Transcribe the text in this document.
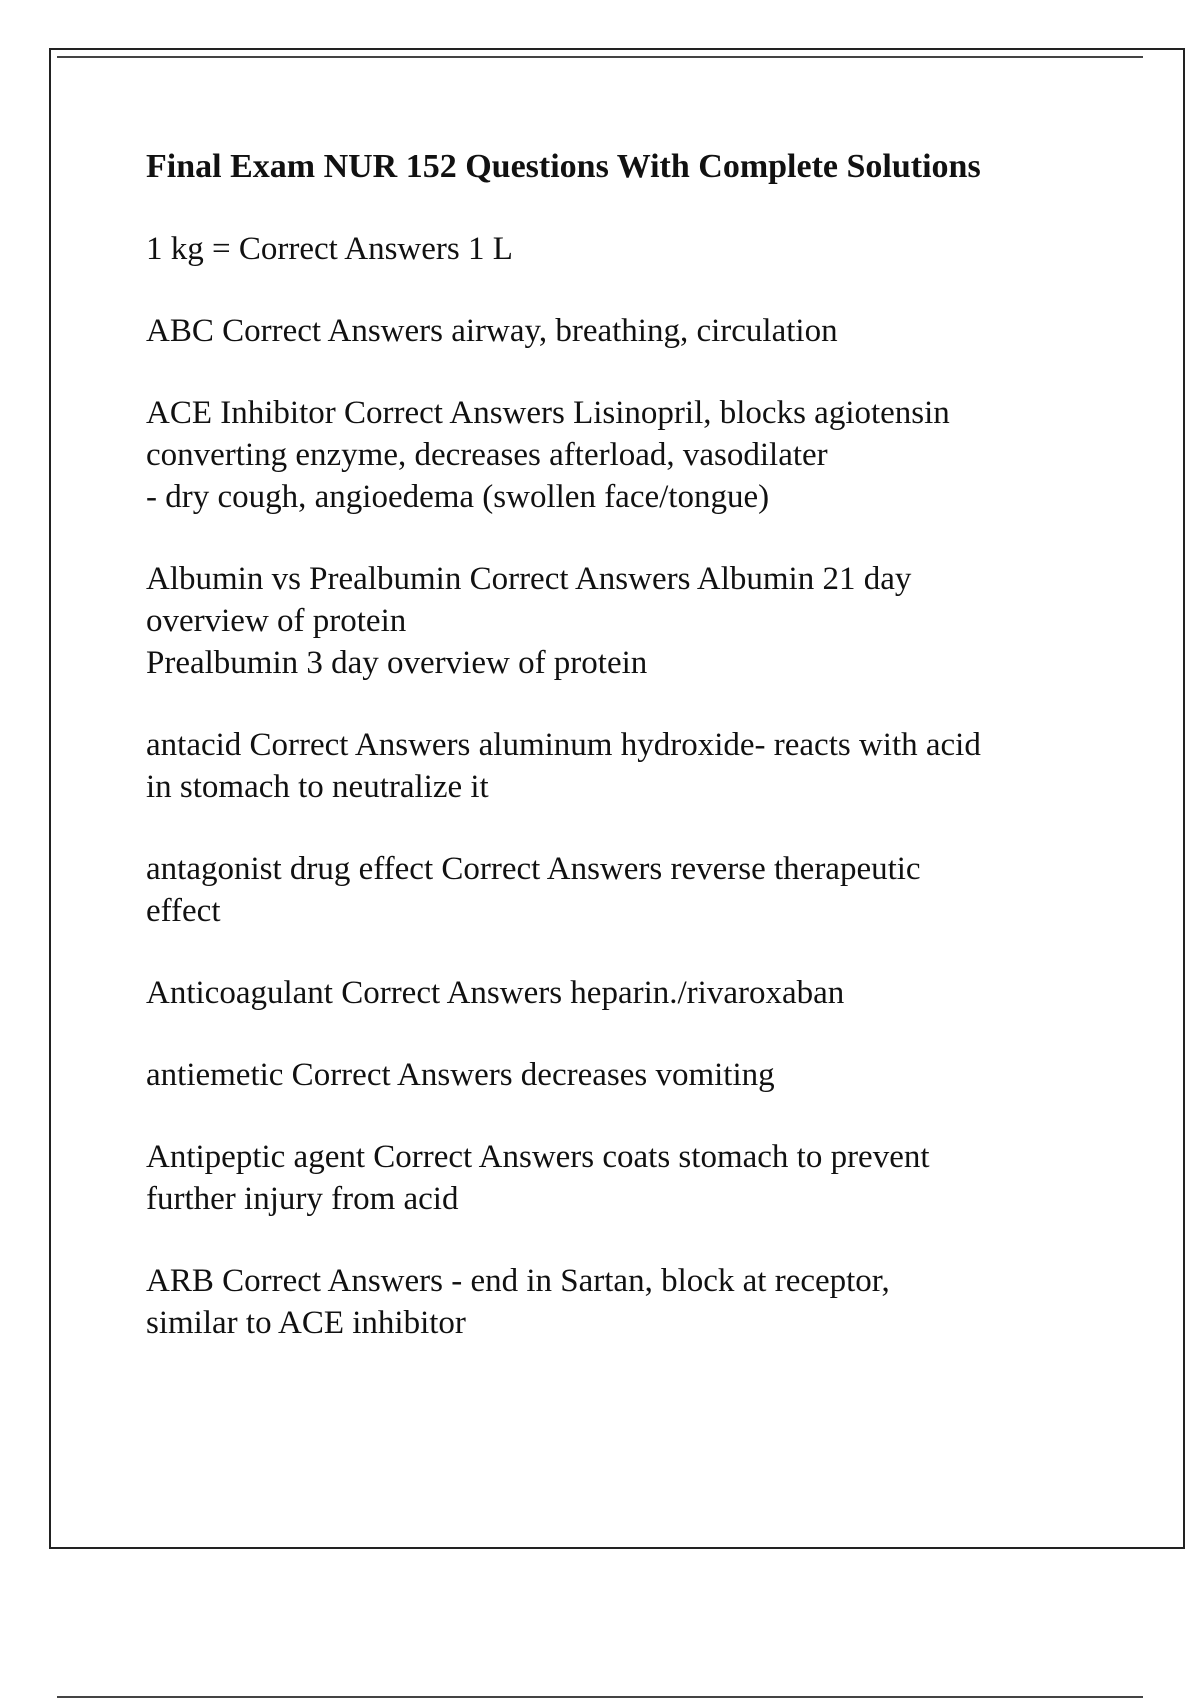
Final Exam NUR 152 Questions With Complete Solutions

1 kg = Correct Answers 1 L

ABC Correct Answers airway, breathing, circulation

ACE Inhibitor Correct Answers Lisinopril, blocks agiotensin
converting enzyme, decreases afterload, vasodilater
- dry cough, angioedema (swollen face/tongue)

Albumin vs Prealbumin Correct Answers Albumin 21 day
overview of protein
Prealbumin 3 day overview of protein

antacid Correct Answers aluminum hydroxide- reacts with acid
in stomach to neutralize it

antagonist drug effect Correct Answers reverse therapeutic
effect

Anticoagulant Correct Answers heparin./rivaroxaban

antiemetic Correct Answers decreases vomiting

Antipeptic agent Correct Answers coats stomach to prevent
further injury from acid

ARB Correct Answers - end in Sartan, block at receptor,
similar to ACE inhibitor
